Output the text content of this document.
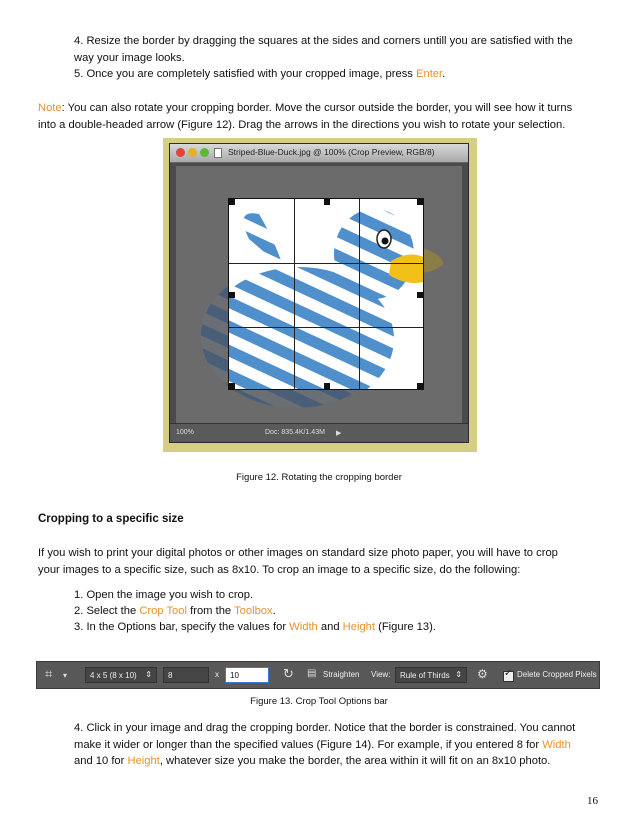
4. Resize the border by dragging the squares at the sides and corners untill you are satisfied with the
way your image looks.
5. Once you are completely satisfied with your cropped image, press Enter.
Note: You can also rotate your cropping border. Move the cursor outside the border, you will see how it turns
into a double-headed arrow (Figure 12). Drag the arrows in the directions you wish to rotate your selection.
Striped-Blue-Duck.jpg @ 100% (Crop Preview, RGB/8)
100%	Doc: 835.4K/1.43M ▶
Figure 12. Rotating the cropping border
Cropping to a specific size
If you wish to print your digital photos or other images on standard size photo paper, you will have to crop
your images to a specific size, such as 8x10. To crop an image to a specific size, do the following:
1. Open the image you wish to crop.
2. Select the Crop Tool from the Toolbox.
3. In the Options bar, specify the values for Width and Height (Figure 13).
⌗ ▾	4 x 5 (8 x 10) ⇕	8	x	10	↻ ▤ Straighten View:	Rule of Thirds ⇕ ⚙ ✓ Delete Cropped Pixels
Figure 13. Crop Tool Options bar
4. Click in your image and drag the cropping border. Notice that the border is constrained. You cannot
make it wider or longer than the specified values (Figure 14). For example, if you entered 8 for Width
and 10 for Height, whatever size you make the border, the area within it will fit on an 8x10 photo.
16
